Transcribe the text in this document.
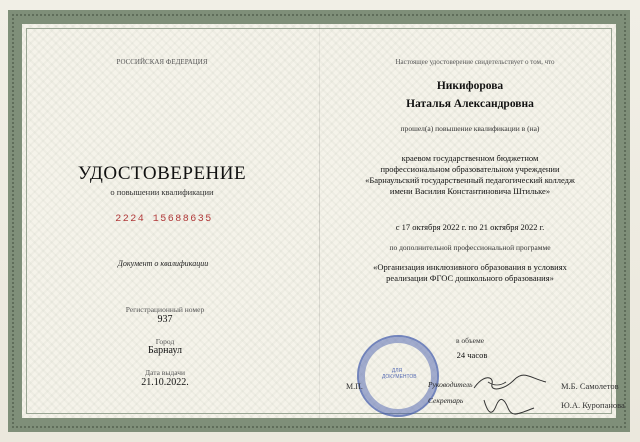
РОССИЙСКАЯ ФЕДЕРАЦИЯ
УДОСТОВЕРЕНИЕ
о повышении квалификации
2224 15688635
Документ о квалификации
Регистрационный номер
937
Город
Барнаул
Дата выдачи
21.10.2022.
Настоящее удостоверение свидетельствует о том, что
Никифорова
Наталья Александровна
прошел(а) повышение квалификации в (на)
краевом государственном бюджетном
профессиональном образовательном учреждении
«Барнаульский государственный педагогический колледж
имени Василия Константиновича Штильке»
с 17 октября 2022 г. по 21 октября 2022 г.
по дополнительной профессиональной программе
«Организация инклюзивного образования в условиях
реализации ФГОС дошкольного образования»
в объеме
24 часов
ДЛЯ ДОКУМЕНТОВ
М.П.	Руководитель
Секретарь
М.Б. Самолетов
Ю.А. Куропанова
